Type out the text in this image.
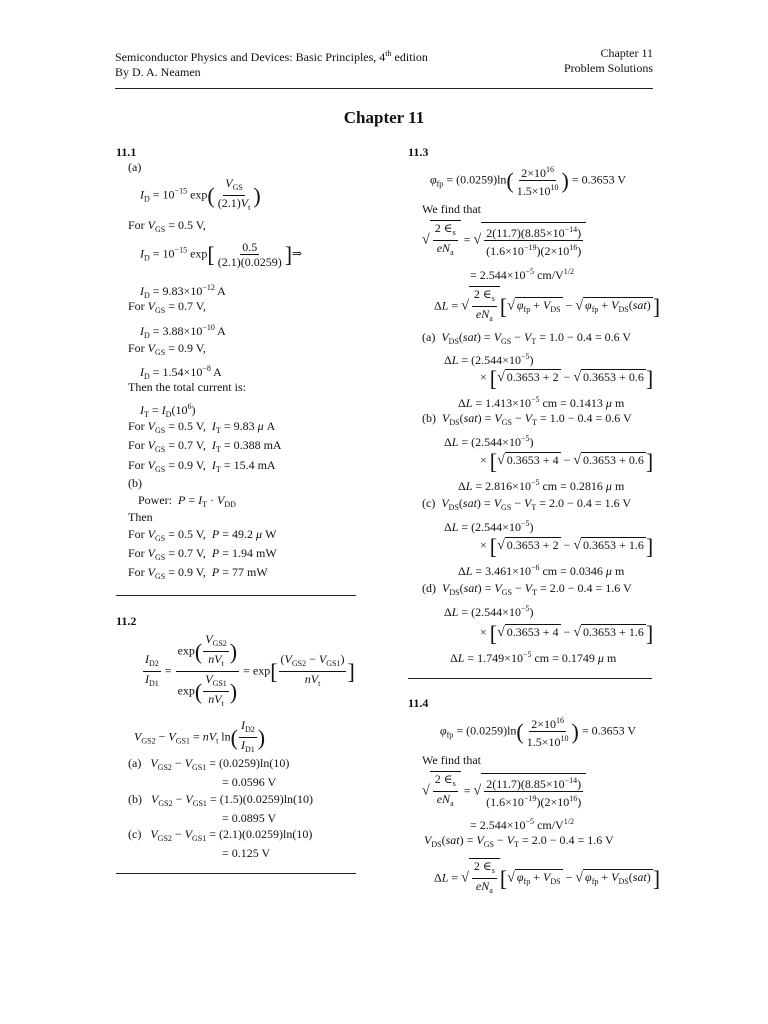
Semiconductor Physics and Devices: Basic Principles, 4th edition
By D. A. Neamen
Chapter 11
Problem Solutions
Chapter 11
11.1
(a)
$I_D = 10^{-15}$ $\exp( \frac{V_{GS}}{(2.1)V_t}$ )
For $V_{GS} = 0.5$ V,
$I_D = 10^{-15}$ $\exp[ \frac{0.5}{(2.1)(0.0259)}$ ]⇒
$I_D = 9.83\times 10^{-12}$ A
For $V_{GS} = 0.7$ V,
$I_D = 3.88\times 10^{-10}$ A
For $V_{GS} = 0.9$ V,
$I_D = 1.54\times 10^{-8}$ A
Then the total current is:
$I_T = I_D(10^6)$
For $V_{GS} = 0.5$ V,  $I_T = 9.83$ μ A
For $V_{GS} = 0.7$ V,  $I_T = 0.388$ mA
For $V_{GS} = 0.9$ V,  $I_T = 15.4$ mA
(b)
Power: $P = I_T \cdot V_{DD}$
Then
For $V_{GS} = 0.5$ V,  P = 49.2 μ W
For $V_{GS} = 0.7$ V,  P = 1.94 mW
For $V_{GS} = 0.9$ V,  P = 77 mW
11.2
$\frac{I_{D2}}{I_{D1}} = \frac{\exp( \frac{V_{GS2}}{nV_t} )}{\exp( \frac{V_{GS1}}{nV_t} )} = \exp[ \frac{(V_{GS2} - V_{GS1})}{nV_t}$ ]
$V_{GS2} - V_{GS1} = nV_t$ $\ln( \frac{I_{D2}}{I_{D1}}$ )
(a)   $V_{GS2} - V_{GS1} = (0.0259)\ln(10)$
= 0.0596 V
(b)   $V_{GS2} - V_{GS1} = (1.5)(0.0259)\ln(10)$
= 0.0895 V
(c)   $V_{GS2} - V_{GS1} = (2.1)(0.0259)\ln(10)$
= 0.125 V
11.3
$\varphi_{fp} = (0.0259)\ln( \frac{2\times 10^{16}}{1.5\times 10^{10}}$ ) = 0.3653 V
We find that
√ $\frac{2 \in_s}{eN_a}$ = √ $\frac{2(11.7)(8.85\times 10^{-14})}{(1.6\times 10^{-19})(2\times 10^{16})}$
= $2.544\times 10^{-5}$ $cm/V^{1/2}$
ΔL = √ $\frac{2 \in_s}{eN_a}$ [√ $\varphi_{fp} + V_{DS}$ − √ $\varphi_{fp} + V_{DS}(sat)$]
(a)  $V_{DS}(sat) = V_{GS} - V_T = 1.0 - 0.4 = 0.6$ V
$\Delta L = (2.544\times 10^{-5})$
× [√ 0.3653 + 2 − √ 0.3653 + 0.6]
$\Delta L = 1.413\times 10^{-5}$ cm = 0.1413 μ m
(b)  $V_{DS}(sat) = V_{GS} - V_T = 1.0 - 0.4 = 0.6$ V
$\Delta L = (2.544\times 10^{-5})$
× [√ 0.3653 + 4 − √ 0.3653 + 0.6]
$\Delta L = 2.816\times 10^{-5}$ cm = 0.2816 μ m
(c)  $V_{DS}(sat) = V_{GS} - V_T = 2.0 - 0.4 = 1.6$ V
$\Delta L = (2.544\times 10^{-5})$
× [√ 0.3653 + 2 − √ 0.3653 + 1.6]
$\Delta L = 3.461\times 10^{-6}$ cm = 0.0346 μ m
(d)  $V_{DS}(sat) = V_{GS} - V_T = 2.0 - 0.4 = 1.6$ V
$\Delta L = (2.544\times 10^{-5})$
× [√ 0.3653 + 4 − √ 0.3653 + 1.6]
$\Delta L = 1.749\times 10^{-5}$ cm = 0.1749 μ m
11.4
$\varphi_{fp} = (0.0259)\ln( \frac{2\times 10^{16}}{1.5\times 10^{10}}$ ) = 0.3653 V
We find that
√ $\frac{2 \in_s}{eN_a}$ = √ $\frac{2(11.7)(8.85\times 10^{-14})}{(1.6\times 10^{-19})(2\times 10^{16})}$
= $2.544\times 10^{-5}$ $cm/V^{1/2}$
$V_{DS}(sat) = V_{GS} - V_T = 2.0 - 0.4 = 1.6$ V
ΔL = √ $\frac{2 \in_s}{eN_a}$ [√ $\varphi_{fp} + V_{DS}$ − √ $\varphi_{fp} + V_{DS}(sat)$]
